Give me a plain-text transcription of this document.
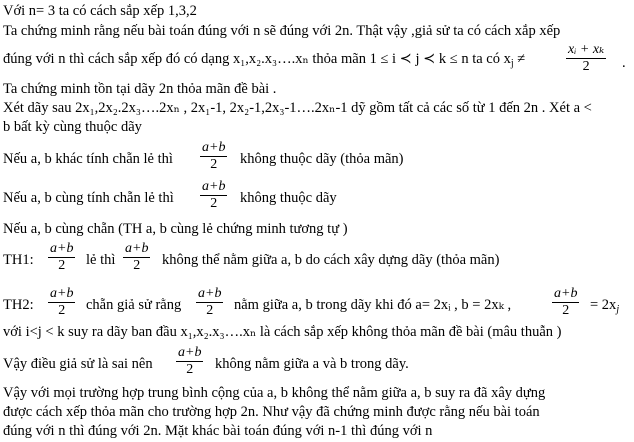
Với n= 3 ta có cách sắp xếp 1,3,2
Ta chứng minh rằng nếu bài toán đúng với n sẽ đúng với 2n. Thật vậy ,giả sử ta có cách xắp xếp
đúng với n thì cách sắp xếp đó có dạng x₁,x₂.x₃….xₙ thỏa mãn 1 ≤ i ≺ j ≺ k ≤ n ta có $x_j$ ≠	$\frac{\text{xᵢ + xₖ}}{2}$ .
Ta chứng minh tồn tại dãy 2n thỏa mãn đề bài .
Xét dãy sau 2x₁,2x₂.2x₃….2xₙ , 2x₁-1, 2x₂-1,2x₃-1….2xₙ-1 dỹ gồm tất cả các số từ 1 đến 2n . Xét a <
b bất kỳ cùng thuộc dãy
Nếu a, b khác tính chẵn lẻ thì $\frac{a+b}{2}$ không thuộc dãy (thỏa mãn)
Nếu a, b cùng tính chẵn lẻ thì $\frac{a+b}{2}$ không thuộc dãy
Nếu a, b cùng chẵn (TH a, b cùng lẻ chứng minh tương tự )
TH1: $\frac{a+b}{2}$ lẻ thì $\frac{a+b}{2}$ không thể nằm giữa a, b do cách xây dựng dãy (thỏa mãn)
TH2: $\frac{a+b}{2}$ chẵn giả sử rằng $\frac{a+b}{2}$ nằm giữa a, b trong dãy khi đó a= 2xᵢ , b = 2xₖ ,	$\frac{a+b}{2} = 2x_j$
với i<j < k suy ra dãy ban đầu x₁,x₂.x₃….xₙ là cách sắp xếp không thỏa mãn đề bài (mâu thuẫn )
Vậy điều giả sử là sai nên $\frac{a+b}{2}$ không nằm giữa a và b trong dãy.
Vậy với mọi trường hợp trung bình cộng của a, b không thể nằm giữa a, b suy ra đã xây dựng
được cách xếp thỏa mãn cho trường hợp 2n. Như vậy đã chứng minh được rằng nếu bài toán
đúng với n thì đúng với 2n. Mặt khác bài toán đúng với n-1 thì đúng với n
